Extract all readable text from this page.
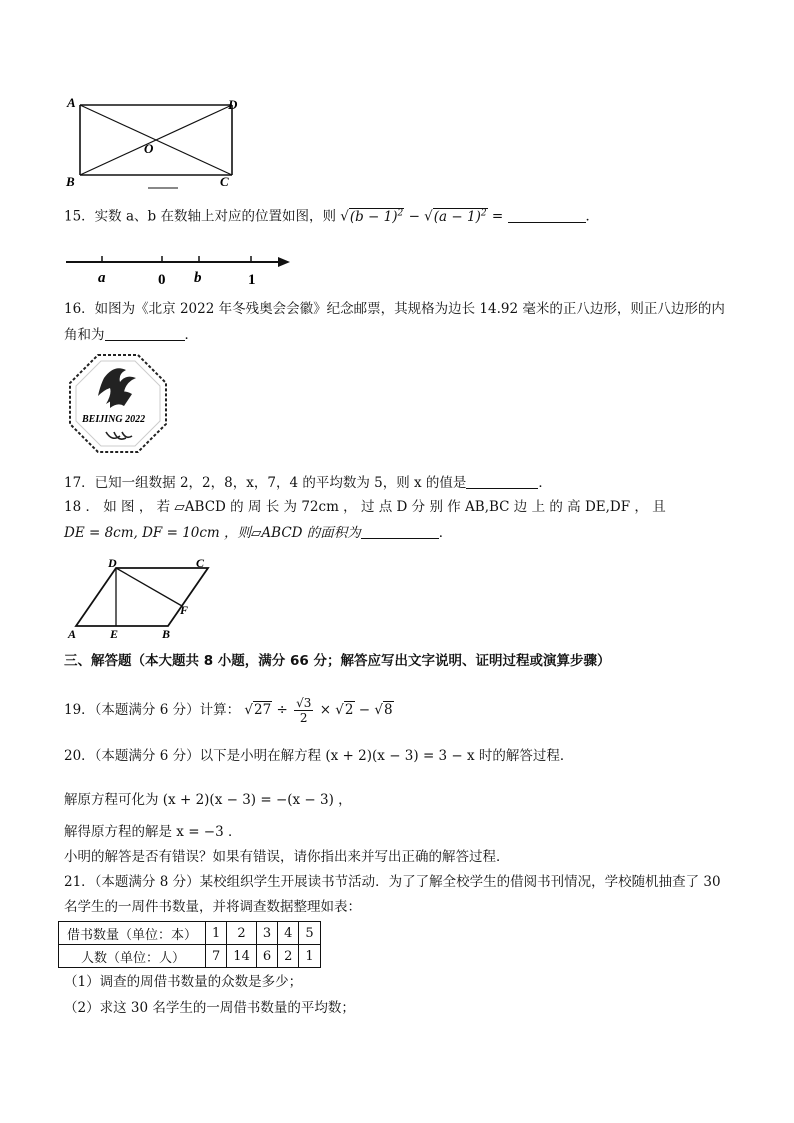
A	D
O
B	C
15．实数 a、b 在数轴上对应的位置如图，则 $√(b - 1)^2 - √(a - 1)^2$ =	．
a	0 b	1
16．如图为《北京 2022 年冬残奥会会徽》纪念邮票，其规格为边长 14.92 毫米的正八边形，则正八边形的内
角和为	．
BEIJING 2022
17．已知一组数据 2，2，8，x，7，4 的平均数为 5，则 x 的值是	．
18 ． 如 图 ， 若 ▱ABCD 的 周 长 为 72cm ， 过 点 D 分 别 作 AB,BC 边 上 的 高 DE,DF ， 且
DE = 8cm, DF = 10cm ，则▱ABCD 的面积为	．
D	C
F
A	E	B
三、解答题（本大题共 8 小题，满分 66 分；解答应写出文字说明、证明过程或演算步骤）
19．（本题满分 6 分）计算： $√27 \div \frac{√3}{2} \times √2 - √8$
20．（本题满分 6 分）以下是小明在解方程 (x + 2)(x − 3) = 3 − x 时的解答过程．
解原方程可化为 (x + 2)(x − 3) = −(x − 3) ，
解得原方程的解是 x = −3 ．
小明的解答是否有错误？如果有错误，请你指出来并写出正确的解答过程．
21．（本题满分 8 分）某校组织学生开展读书节活动．为了了解全校学生的借阅书刊情况，学校随机抽查了 30
名学生的一周件书数量，并将调查数据整理如表：
借书数量（单位：本）	1	2	3	4	5
人数（单位：人）	7	14	6	2	1
（1）调查的周借书数量的众数是多少；
（2）求这 30 名学生的一周借书数量的平均数；
